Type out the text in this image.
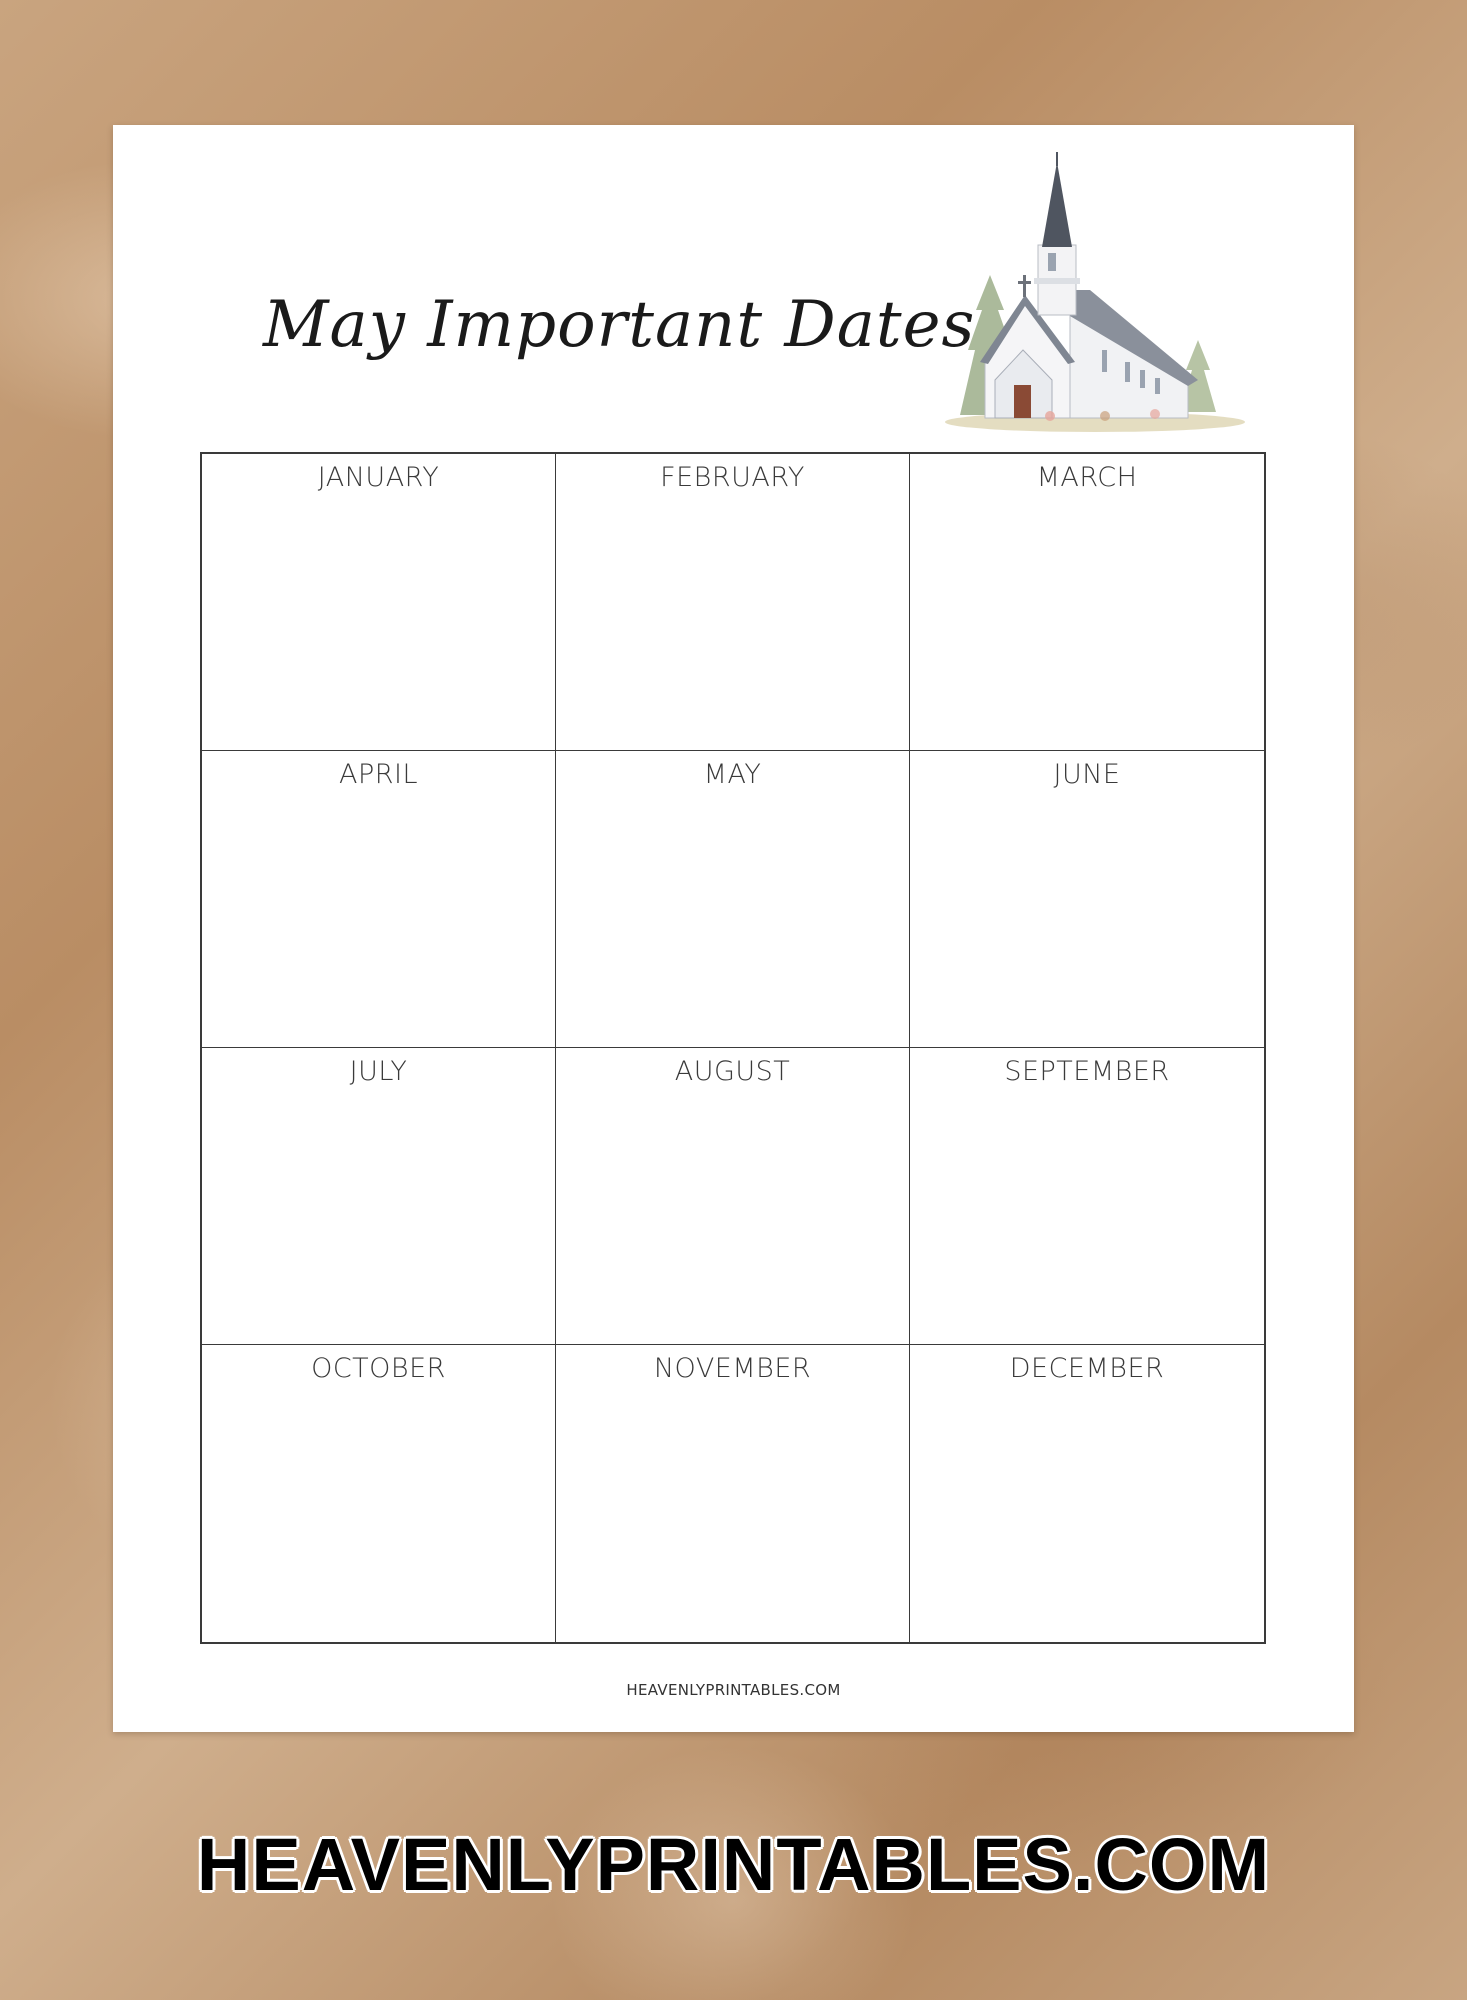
May Important Dates
JANUARY	FEBRUARY	MARCH
APRIL	MAY	JUNE
JULY	AUGUST	SEPTEMBER
OCTOBER	NOVEMBER	DECEMBER
HEAVENLYPRINTABLES.COM
HEAVENLYPRINTABLES.COM
